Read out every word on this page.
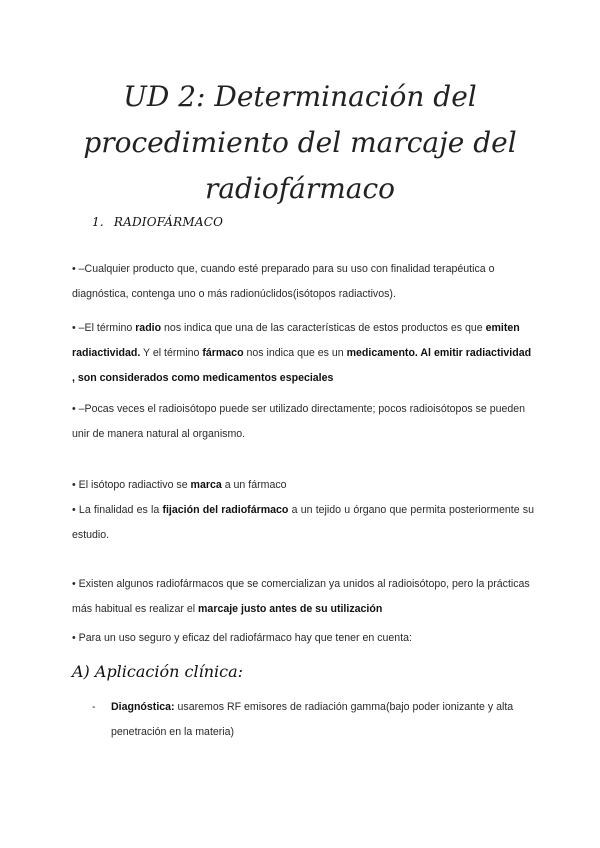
UD 2: Determinación del
procedimiento del marcaje del
radiofármaco
1. RADIOFÁRMACO

• –Cualquier producto que, cuando esté preparado para su uso con finalidad terapéutica o diagnóstica, contenga uno o más radionúclidos(isótopos radiactivos).

• –El término radio nos indica que una de las características de estos productos es que emiten radiactividad. Y el término fármaco nos indica que es un medicamento. Al emitir radiactividad , son considerados como medicamentos especiales

• –Pocas veces el radioisótopo puede ser utilizado directamente; pocos radioisótopos se pueden unir de manera natural al organismo.

• El isótopo radiactivo se marca a un fármaco

• La finalidad es la fijación del radiofármaco a un tejido u órgano que permita posteriormente su estudio.

• Existen algunos radiofármacos que se comercializan ya unidos al radioisótopo, pero la prácticas más habitual es realizar el marcaje justo antes de su utilización

• Para un uso seguro y eficaz del radiofármaco hay que tener en cuenta:

A) Aplicación clínica:
- Diagnóstica: usaremos RF emisores de radiación gamma(bajo poder ionizante y alta penetración en la materia)
